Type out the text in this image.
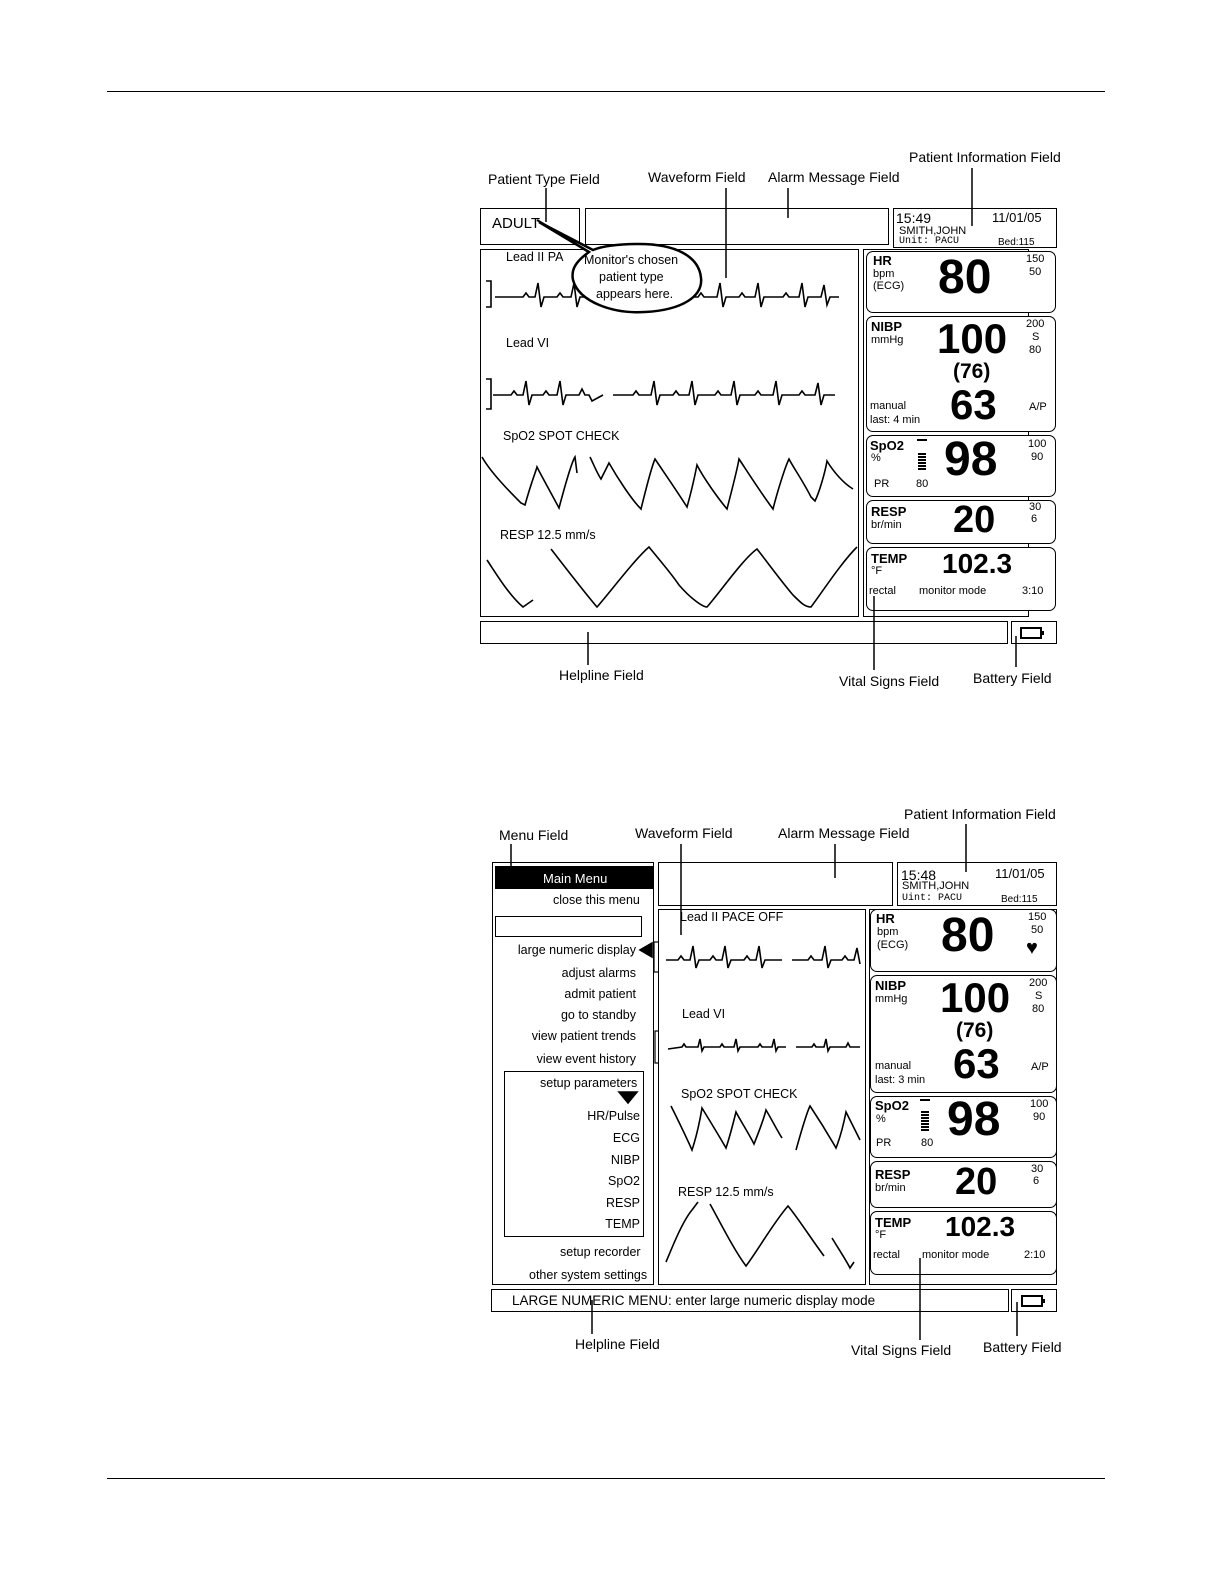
Patient Type Field	Waveform Field Alarm Message Field
Patient Information Field
Helpline Field	Vital Signs Field Battery Field
ADULT	15:49	11/01/05
SMITH,JOHN
Unit: PACU	Bed:115
Lead II PA
Lead VI
SpO2 SPOT CHECK
RESP 12.5 mm/s
Monitor's chosen
patient type
appears here.
HR
bpm
(ECG) 80	150
50
NIBP
mmHg 100
(76)
63
200
S
80
manual
last: 4 min
A/P
SpO2
% 98	100
90
PR 80
RESP
br/min 20	30
6
TEMP
°F 102.3
rectal monitor mode	3:10
Menu Field	Waveform Field	Alarm Message Field
Patient Information Field
Helpline Field	Vital Signs Field Battery Field
Main Menu
close this menu
large numeric display
adjust alarms
admit patient
go to standby
view patient trends
view event history
setup parameters
HR/Pulse
ECG
NIBP
SpO2
RESP
TEMP
setup recorder
other system settings
15:48	11/01/05
SMITH,JOHN
Uint: PACU	Bed:115
Lead II PACE OFF
Lead VI
SpO2 SPOT CHECK
RESP 12.5 mm/s
HR
bpm
(ECG) 80	150
50
♥
NIBP
mmHg 100
(76)
63
200
S
80
manual
last: 3 min
A/P
SpO2
% 98	100
90
PR	80
RESP
br/min 20	30
6
TEMP
°F 102.3
rectal monitor mode	2:10
LARGE NUMERIC MENU: enter large numeric display mode
